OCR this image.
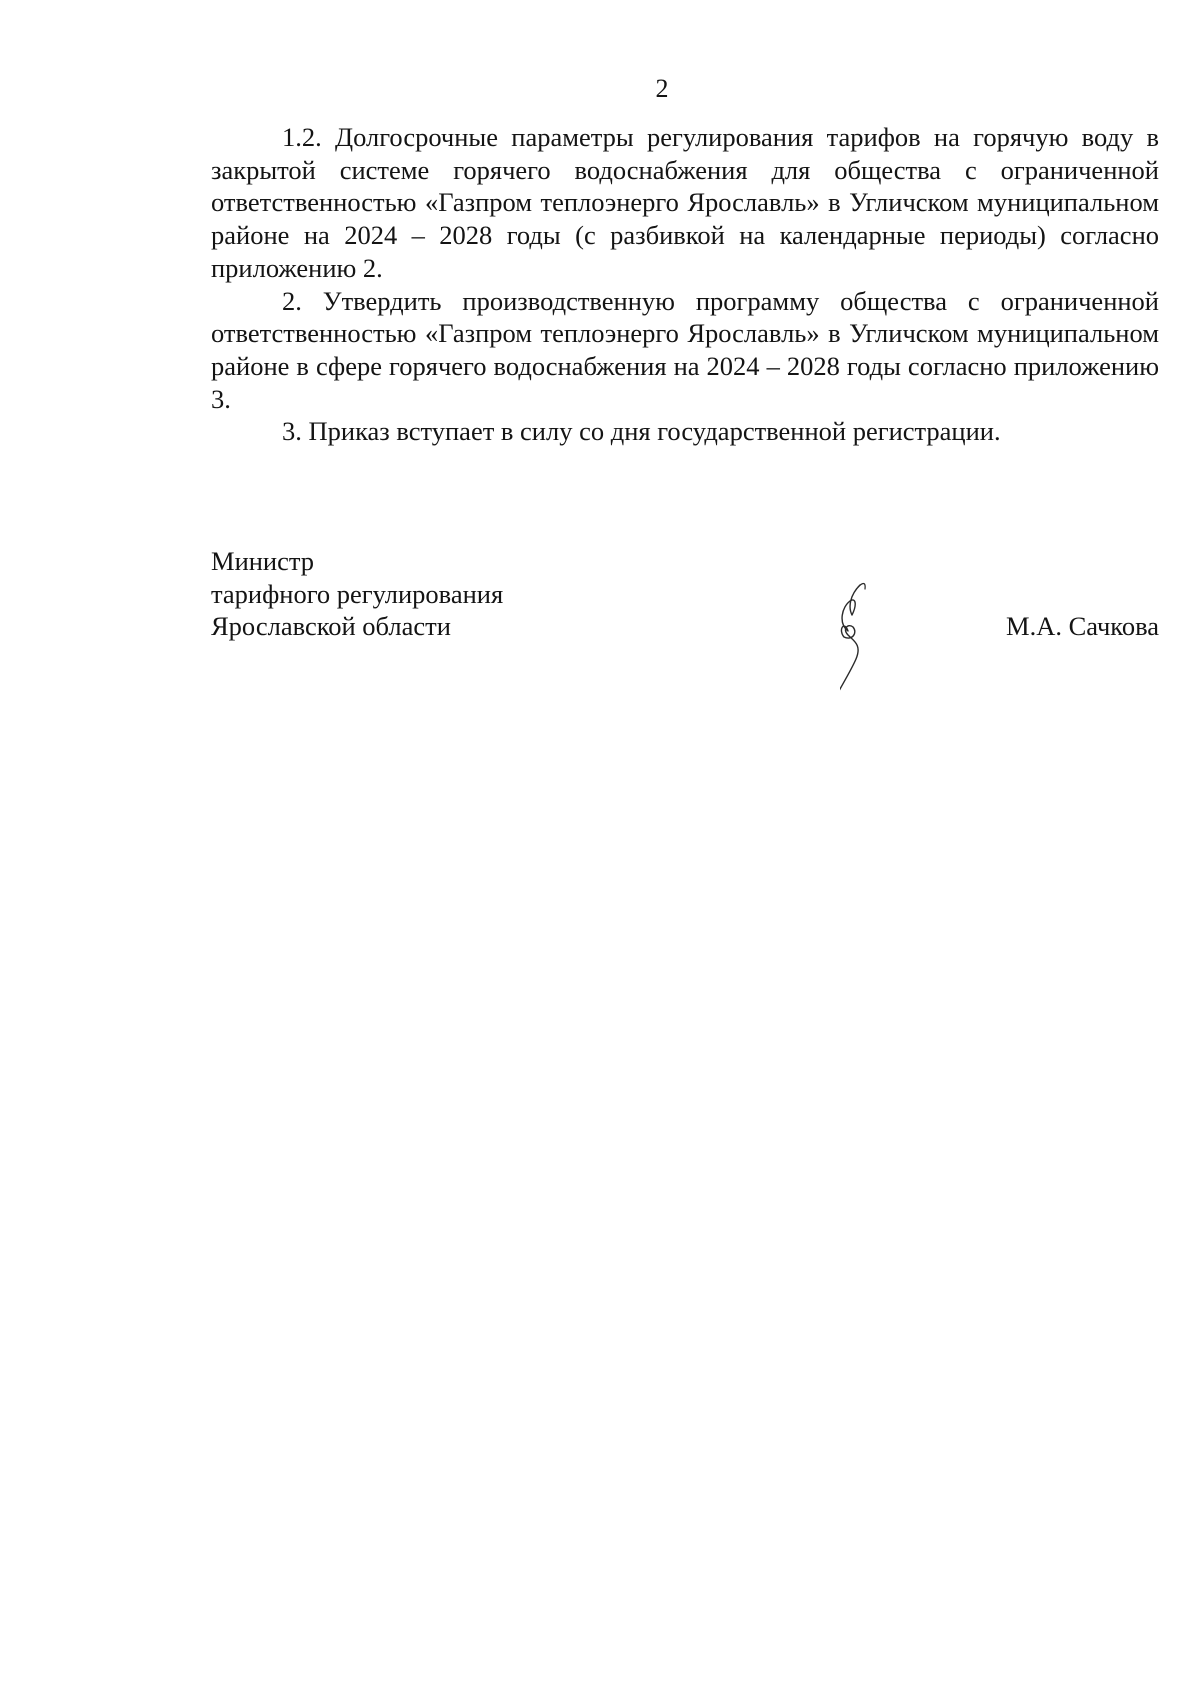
2

1.2. Долгосрочные параметры регулирования тарифов на горячую воду в закрытой системе горячего водоснабжения для общества с ограниченной ответственностью «Газпром теплоэнерго Ярославль» в Угличском муниципальном районе на 2024 – 2028 годы (с разбивкой на календарные периоды) согласно приложению 2.

2. Утвердить производственную программу общества с ограниченной ответственностью «Газпром теплоэнерго Ярославль» в Угличском муниципальном районе в сфере горячего водоснабжения на 2024 – 2028 годы согласно приложению 3.

3. Приказ вступает в силу со дня государственной регистрации.

Министр

тарифного регулирования

Ярославской области	М.А. Сачкова
